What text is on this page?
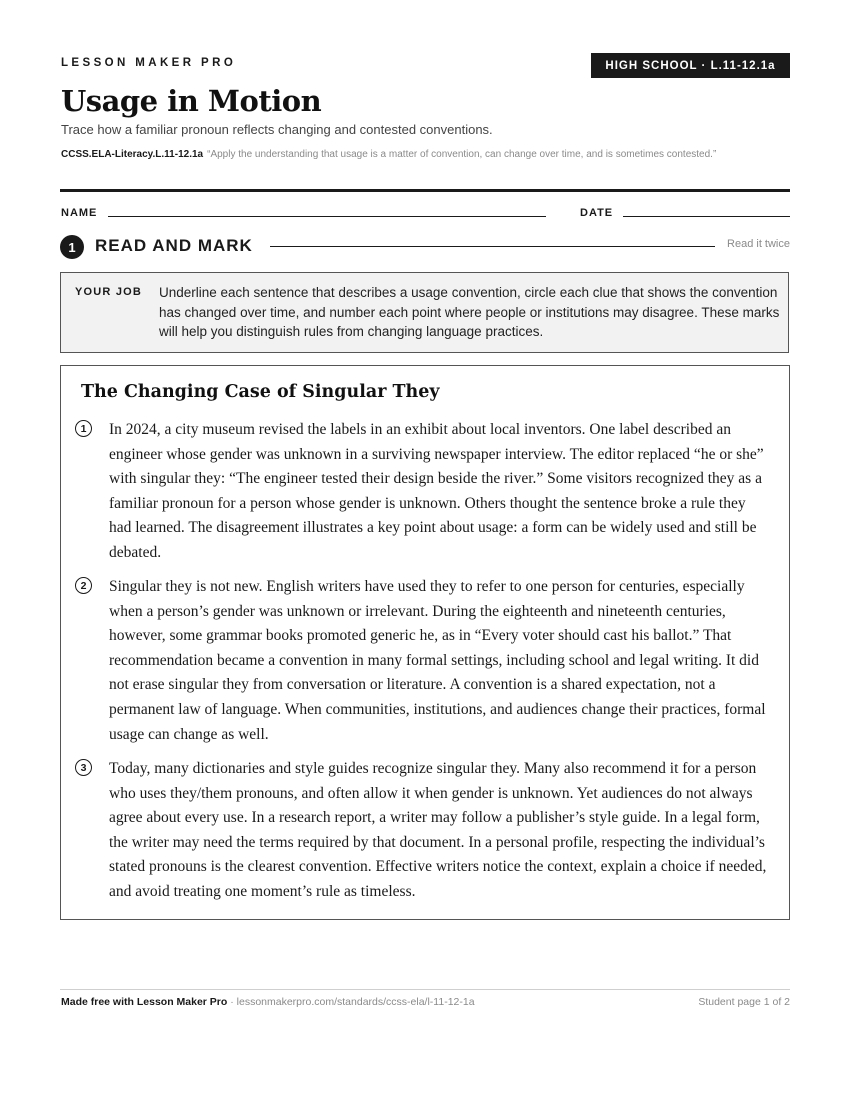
LESSON MAKER PRO	HIGH SCHOOL · L.11-12.1a
Usage in Motion
Trace how a familiar pronoun reflects changing and contested conventions.
CCSS.ELA-Literacy.L.11-12.1a “Apply the understanding that usage is a matter of convention, can change over time, and is sometimes contested.”
NAME	DATE
1	READ AND MARK	Read it twice
YOUR JOB Underline each sentence that describes a usage convention, circle each clue that shows the convention has changed over time, and number each point where people or institutions may disagree. These marks will help you distinguish rules from changing language practices.
The Changing Case of Singular They
1	In 2024, a city museum revised the labels in an exhibit about local inventors. One label described an engineer whose gender was unknown in a surviving newspaper interview. The editor replaced “he or she” with singular they: “The engineer tested their design beside the river.” Some visitors recognized they as a familiar pronoun for a person whose gender is unknown. Others thought the sentence broke a rule they had learned. The disagreement illustrates a key point about usage: a form can be widely used and still be debated.
2	Singular they is not new. English writers have used they to refer to one person for centuries, especially when a person’s gender was unknown or irrelevant. During the eighteenth and nineteenth centuries, however, some grammar books promoted generic he, as in “Every voter should cast his ballot.” That recommendation became a convention in many formal settings, including school and legal writing. It did not erase singular they from conversation or literature. A convention is a shared expectation, not a permanent law of language. When communities, institutions, and audiences change their practices, formal usage can change as well.
3	Today, many dictionaries and style guides recognize singular they. Many also recommend it for a person who uses they/them pronouns, and often allow it when gender is unknown. Yet audiences do not always agree about every use. In a research report, a writer may follow a publisher’s style guide. In a legal form, the writer may need the terms required by that document. In a personal profile, respecting the individual’s stated pronouns is the clearest convention. Effective writers notice the context, explain a choice if needed, and avoid treating one moment’s rule as timeless.
Made free with Lesson Maker Pro · lessonmakerpro.com/standards/ccss-ela/l-11-12-1a	Student page 1 of 2
